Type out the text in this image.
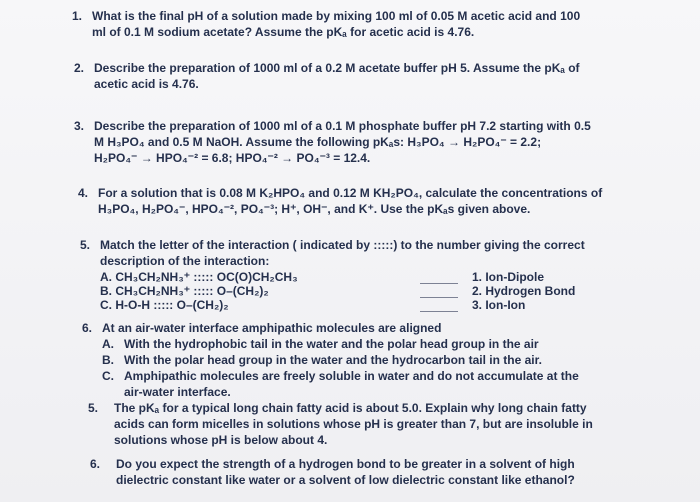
1. What is the final pH of a solution made by mixing 100 ml of 0.05 M acetic acid and 100
ml of 0.1 M sodium acetate? Assume the pKₐ for acetic acid is 4.76.
2. Describe the preparation of 1000 ml of a 0.2 M acetate buffer pH 5. Assume the pKₐ of
acetic acid is 4.76.
3. Describe the preparation of 1000 ml of a 0.1 M phosphate buffer pH 7.2 starting with 0.5
M H₃PO₄ and 0.5 M NaOH. Assume the following pKₐs: H₃PO₄ → H₂PO₄⁻ = 2.2;
H₂PO₄⁻ → HPO₄⁻² = 6.8; HPO₄⁻² → PO₄⁻³ = 12.4.
4. For a solution that is 0.08 M K₂HPO₄ and 0.12 M KH₂PO₄, calculate the concentrations of
H₃PO₄, H₂PO₄⁻, HPO₄⁻², PO₄⁻³; H⁺, OH⁻, and K⁺. Use the pKₐs given above.
5. Match the letter of the interaction ( indicated by :::::) to the number giving the correct
description of the interaction:
A. CH₃CH₂NH₃⁺ ::::: OC(O)CH₂CH₃	1. Ion-Dipole
B. CH₃CH₂NH₃⁺ ::::: O–(CH₂)₂	2. Hydrogen Bond
C. H-O-H ::::: O–(CH₂)₂	3. Ion-Ion
6. At an air-water interface amphipathic molecules are aligned
A. With the hydrophobic tail in the water and the polar head group in the air
B. With the polar head group in the water and the hydrocarbon tail in the air.
C. Amphipathic molecules are freely soluble in water and do not accumulate at the
air-water interface.
5. The pKₐ for a typical long chain fatty acid is about 5.0. Explain why long chain fatty
acids can form micelles in solutions whose pH is greater than 7, but are insoluble in
solutions whose pH is below about 4.
6. Do you expect the strength of a hydrogen bond to be greater in a solvent of high
dielectric constant like water or a solvent of low dielectric constant like ethanol?
